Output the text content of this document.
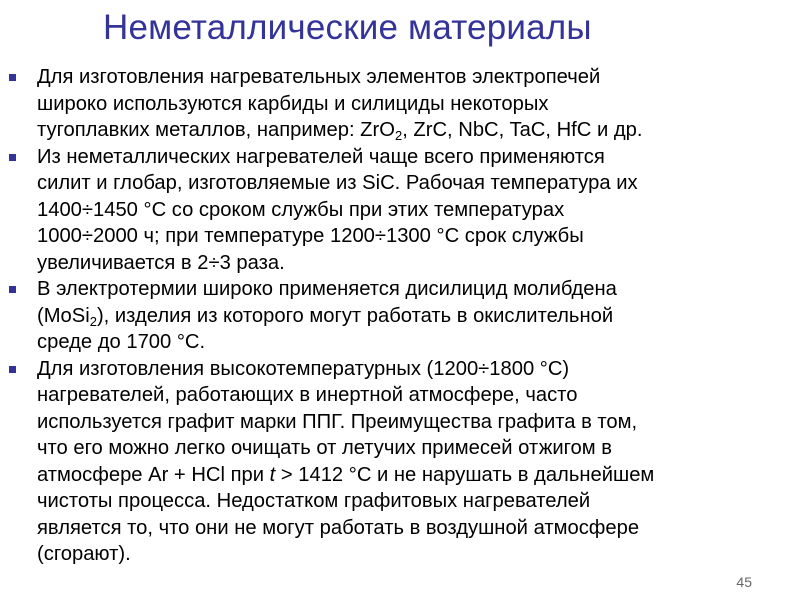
Неметаллические материалы
Для изготовления нагревательных элементов электропечей
широко используются карбиды и силициды некоторых
тугоплавких металлов, например: ZrO$_2$, ZrC, NbC, TaC, HfC и др.
Из неметаллических нагревателей чаще всего применяются
силит и глобар, изготовляемые из SiC. Рабочая температура их
1400÷1450 °С со сроком службы при этих температурах
1000÷2000 ч; при температуре 1200÷1300 °С срок службы
увеличивается в 2÷3 раза.
В электротермии широко применяется дисилицид молибдена
(MoSi$_2$), изделия из которого могут работать в окислительной
среде до 1700 °С.
Для изготовления высокотемпературных (1200÷1800 °С)
нагревателей, работающих в инертной атмосфере, часто
используется графит марки ППГ. Преимущества графита в том,
что его можно легко очищать от летучих примесей отжигом в
атмосфере Ar + HCl при t > 1412 °С и не нарушать в дальнейшем
чистоты процесса. Недостатком графитовых нагревателей
является то, что они не могут работать в воздушной атмосфере
(сгорают).
45
